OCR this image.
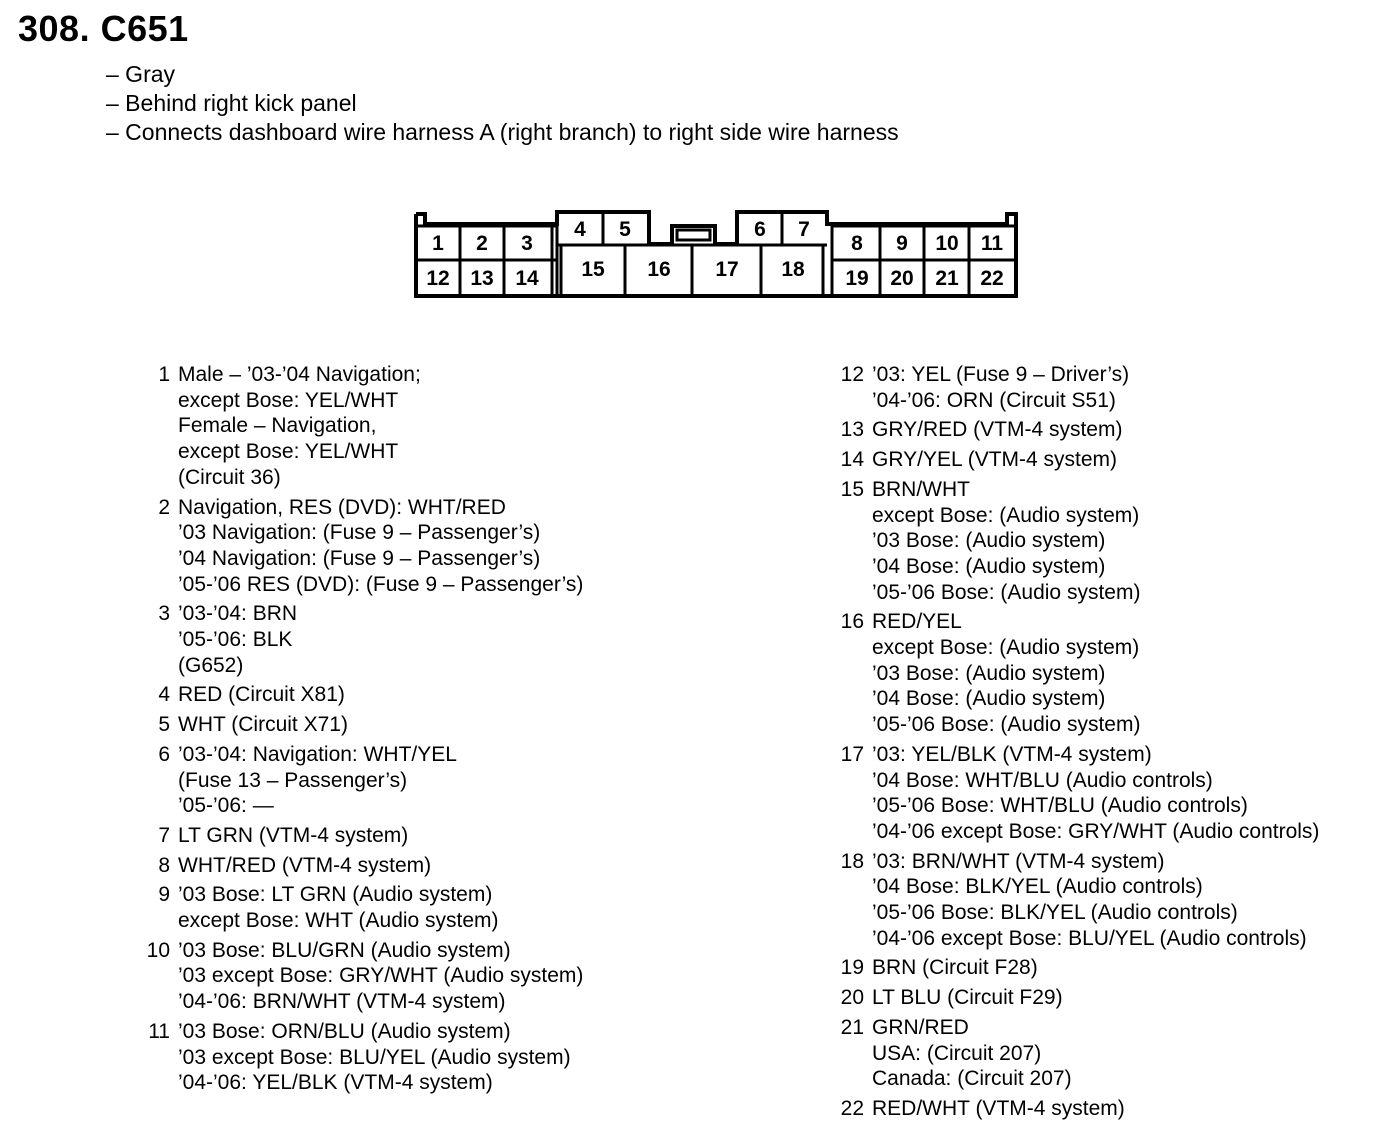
308. C651
– Gray
– Behind right kick panel
– Connects dashboard wire harness A (right branch) to right side wire harness
1 2 3
4 5	6 7
8 9 10 11
12 13 14 15 16 17 18 19 20 21 22
1 Male – ’03-’04 Navigation;
except Bose: YEL/WHT
Female – Navigation,
except Bose: YEL/WHT
(Circuit 36)
2 Navigation, RES (DVD): WHT/RED
’03 Navigation: (Fuse 9 – Passenger’s)
’04 Navigation: (Fuse 9 – Passenger’s)
’05-’06 RES (DVD): (Fuse 9 – Passenger’s)
3 ’03-’04: BRN
’05-’06: BLK
(G652)
4 RED (Circuit X81)
5 WHT (Circuit X71)
6 ’03-’04: Navigation: WHT/YEL
(Fuse 13 – Passenger’s)
’05-’06: —
7 LT GRN (VTM-4 system)
8 WHT/RED (VTM-4 system)
9 ’03 Bose: LT GRN (Audio system)
except Bose: WHT (Audio system)
10 ’03 Bose: BLU/GRN (Audio system)
’03 except Bose: GRY/WHT (Audio system)
’04-’06: BRN/WHT (VTM-4 system)
11 ’03 Bose: ORN/BLU (Audio system)
’03 except Bose: BLU/YEL (Audio system)
’04-’06: YEL/BLK (VTM-4 system)
12 ’03: YEL (Fuse 9 – Driver’s)
’04-’06: ORN (Circuit S51)
13 GRY/RED (VTM-4 system)
14 GRY/YEL (VTM-4 system)
15 BRN/WHT
except Bose: (Audio system)
’03 Bose: (Audio system)
’04 Bose: (Audio system)
’05-’06 Bose: (Audio system)
16 RED/YEL
except Bose: (Audio system)
’03 Bose: (Audio system)
’04 Bose: (Audio system)
’05-’06 Bose: (Audio system)
17 ’03: YEL/BLK (VTM-4 system)
’04 Bose: WHT/BLU (Audio controls)
’05-’06 Bose: WHT/BLU (Audio controls)
’04-’06 except Bose: GRY/WHT (Audio controls)
18 ’03: BRN/WHT (VTM-4 system)
’04 Bose: BLK/YEL (Audio controls)
’05-’06 Bose: BLK/YEL (Audio controls)
’04-’06 except Bose: BLU/YEL (Audio controls)
19 BRN (Circuit F28)
20 LT BLU (Circuit F29)
21 GRN/RED
USA: (Circuit 207)
Canada: (Circuit 207)
22 RED/WHT (VTM-4 system)
